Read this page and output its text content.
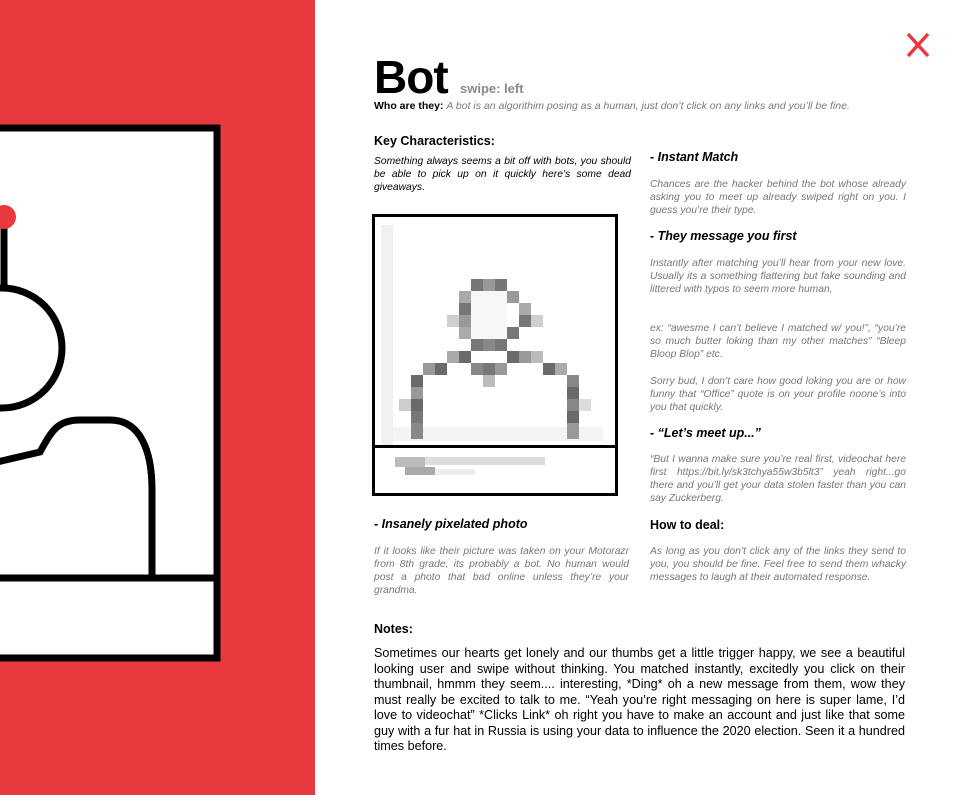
Bot swipe: left
Who are they: A bot is an algorithim posing as a human, just don’t click on any links and you’ll be fine.
Key Characteristics:
Something always seems a bit off with bots, you should be able to pick up on it quickly here’s some dead giveaways.
- Insanely pixelated photo
If it looks like their picture was taken on your Motorazr from 8th grade, its probably a bot. No human would post a photo that bad online unless they’re your grandma.
- Instant Match
Chances are the hacker behind the bot whose already asking you to meet up already swiped right on you. I guess you’re their type.
- They message you first
Instantly after matching you’ll hear from your new love. Usually its a something flattering but fake sounding and littered with typos to seem more human,
ex: “awesme I can’t believe I matched w/ you!”, “you’re so much butter loking than my other matches” “Bleep Bloop Blop” etc.
Sorry bud, I don’t care how good loking you are or how funny that “Office” quote is on your profile noone’s into you that quickly.
- “Let’s meet up...”
“But I wanna make sure you’re real first, videochat here first https://bit.ly/sk3tchya55w3b5lt3” yeah right...go there and you’ll get your data stolen faster than you can say Zuckerberg.
How to deal:
As long as you don’t click any of the links they send to you, you should be fine. Feel free to send them whacky messages to laugh at their automated response.
Notes:
Sometimes our hearts get lonely and our thumbs get a little trigger happy, we see a beautiful looking user and swipe without thinking. You matched instantly, excitedly you click on their thumbnail, hmmm they seem.... interesting, *Ding* oh a new message from them, wow they must really be excited to talk to me. “Yeah you’re right messaging on here is super lame, I’d love to videochat” *Clicks Link* oh right you have to make an account and just like that some guy with a fur hat in Russia is using your data to influence the 2020 election. Seen it a hundred times before.
